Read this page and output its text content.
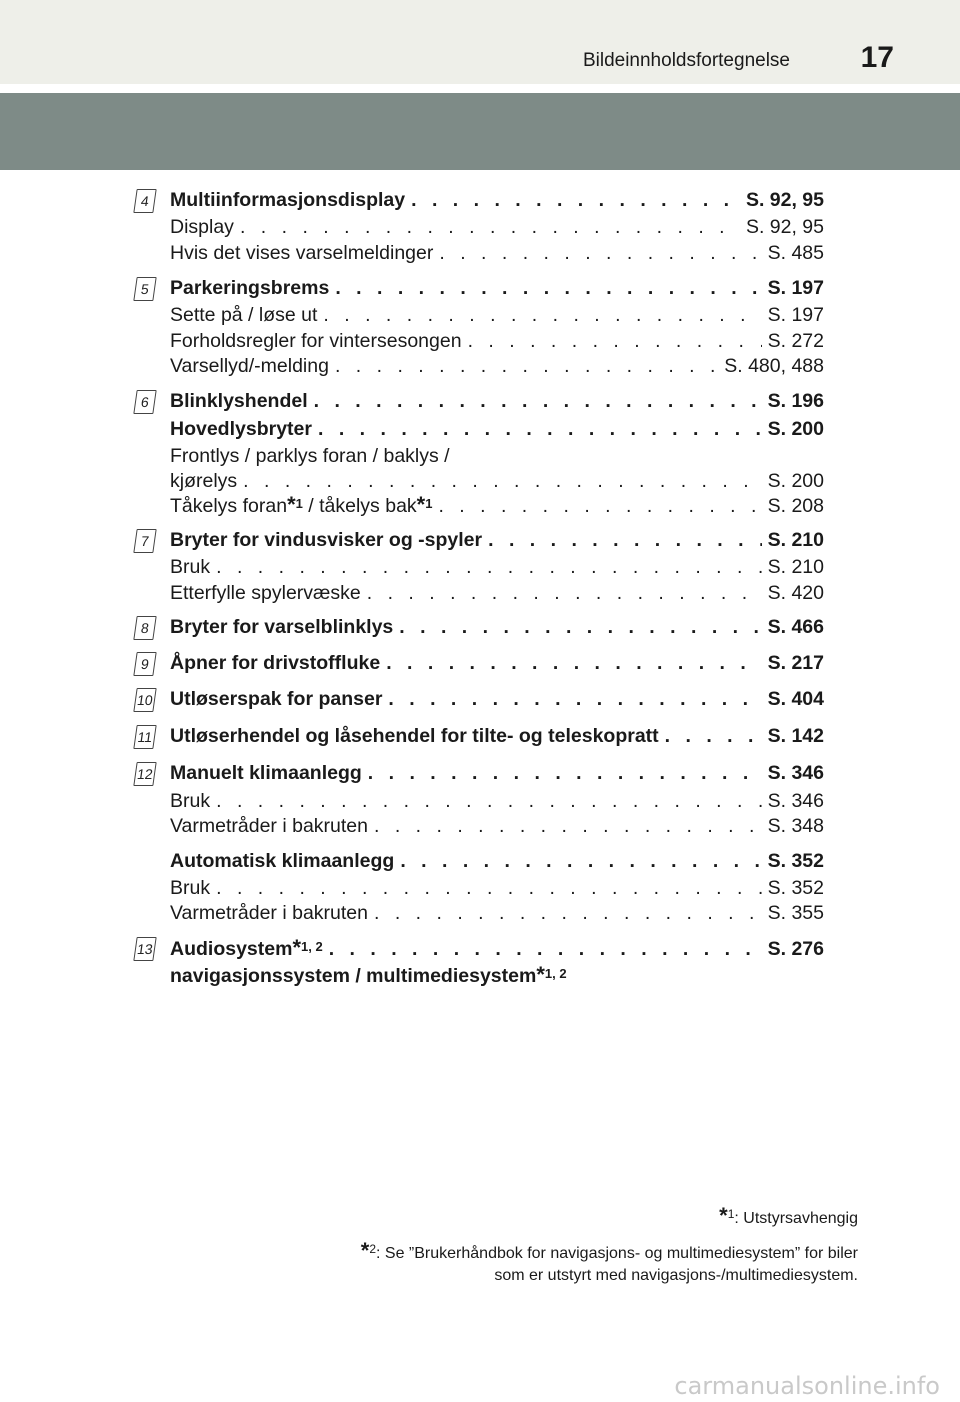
Bildeinnholdsfortegnelse 17
4	Multiinformasjonsdisplay . . .	S. 92, 95
Display . . .	S. 92, 95
Hvis det vises varselmeldinger . . .	S. 485
5	Parkeringsbrems . . .	S. 197
Sette på / løse ut . . .	S. 197
Forholdsregler for vintersesongen . . .	S. 272
Varsellyd/-melding . . .	S. 480, 488
6	Blinklyshendel . . .	S. 196
Hovedlysbryter . . .	S. 200
Frontlys / parklys foran / baklys /
kjørelys . . .	S. 200
Tåkelys foran*$^1$ / tåkelys bak*$^1$ . . .	S. 208
7	Bryter for vindusvisker og -spyler . . .	S. 210
Bruk . . .	S. 210
Etterfylle spylervæske . . .	S. 420
8	Bryter for varselblinklys . . .	S. 466
9	Åpner for drivstoffluke . . .	S. 217
10 Utløserspak for panser . . .	S. 404
11 Utløserhendel og låsehendel for tilte- og teleskopratt . . .	S. 142
12 Manuelt klimaanlegg . . .	S. 346
Bruk . . .	S. 346
Varmetråder i bakruten . . .	S. 348
Automatisk klimaanlegg . . .	S. 352
Bruk . . .	S. 352
Varmetråder i bakruten . . .	S. 355
13 Audiosystem*$^{1, 2}$ . . .	S. 276
navigasjonssystem / multimediesystem*$^{1, 2}$
*$^1$: Utstyrsavhengig
*$^2$: Se ”Brukerhåndbok for navigasjons- og multimediesystem” for biler
som er utstyrt med navigasjons-/multimediesystem.
carmanualsonline.info
